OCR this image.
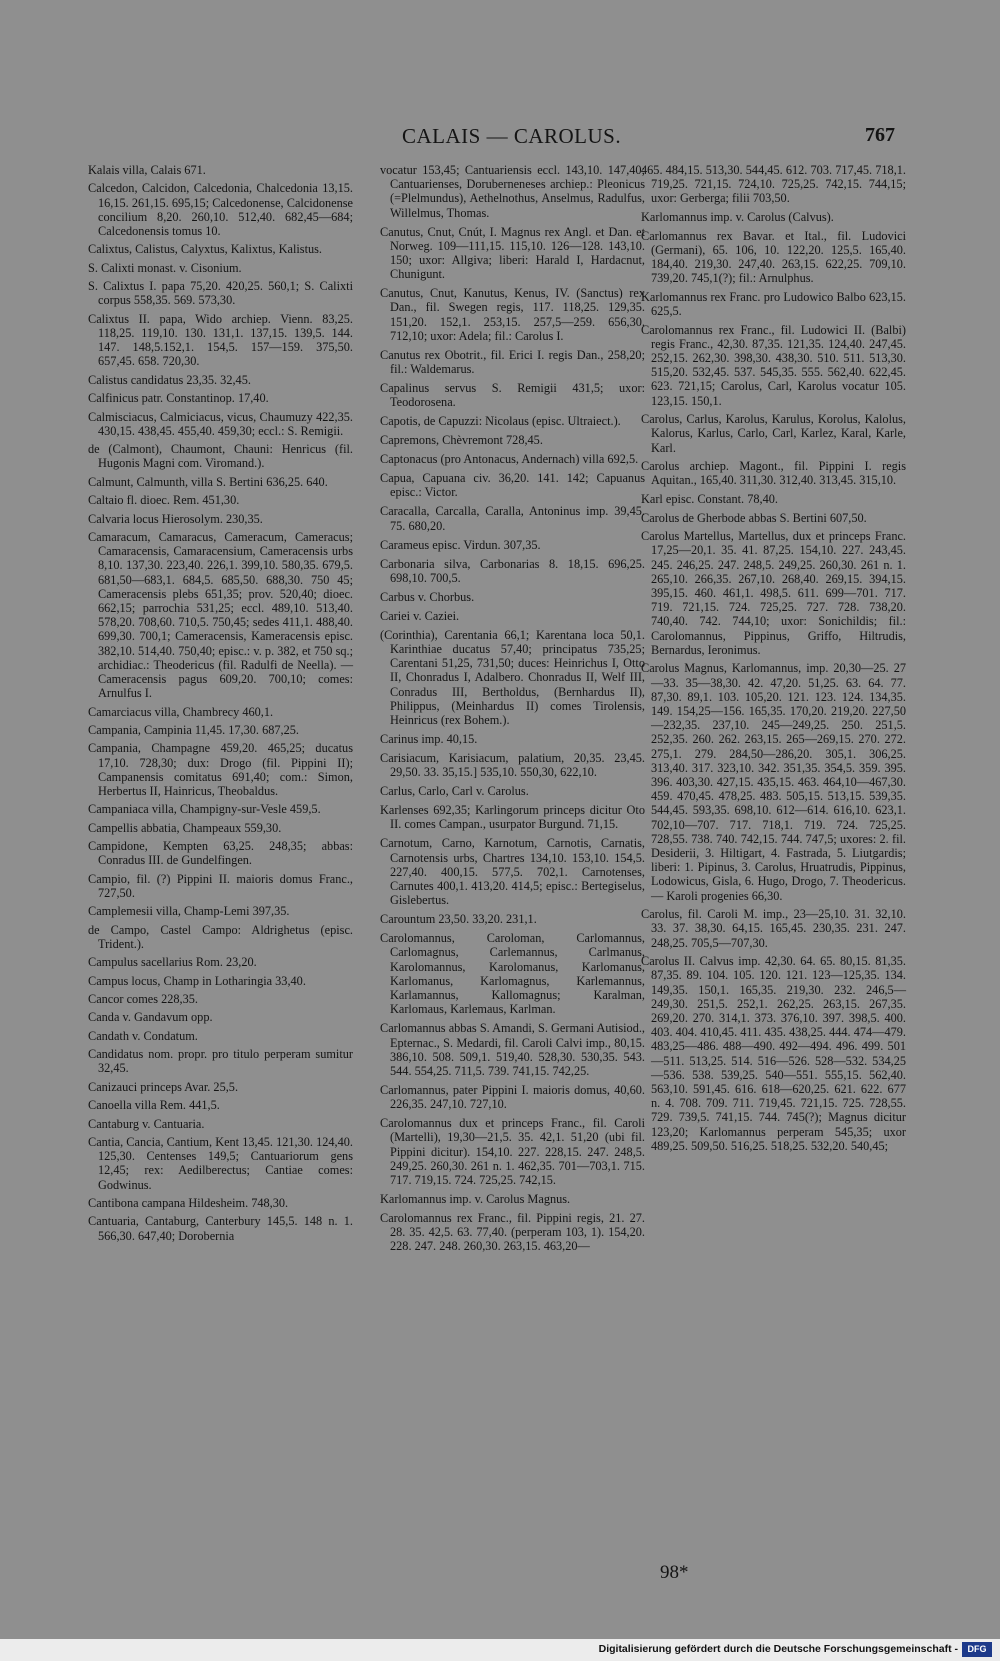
CALAIS — CAROLUS.	767

Kalais villa, Calais 671.

Calcedon, Calcidon, Calcedonia, Chalcedonia 13,15. 16,15. 261,15. 695,15; Calcedonense, Calcidonense concilium 8,20. 260,10. 512,40. 682,45—684; Calcedonensis tomus 10.

Calixtus, Calistus, Calyxtus, Kalixtus, Kalistus.

S. Calixti monast. v. Cisonium.

S. Calixtus I. papa 75,20. 420,25. 560,1; S. Calixti corpus 558,35. 569. 573,30.

Calixtus II. papa, Wido archiep. Vienn. 83,25. 118,25. 119,10. 130. 131,1. 137,15. 139,5. 144. 147. 148,5.152,1. 154,5. 157—159. 375,50. 657,45. 658. 720,30.

Calistus candidatus 23,35. 32,45.

Calfinicus patr. Constantinop. 17,40.

Calmisciacus, Calmiciacus, vicus, Chaumuzy 422,35. 430,15. 438,45. 455,40. 459,30; eccl.: S. Remigii.

de (Calmont), Chaumont, Chauni: Henricus (fil. Hugonis Magni com. Viromand.).

Calmunt, Calmunth, villa S. Bertini 636,25. 640.

Caltaio fl. dioec. Rem. 451,30.

Calvaria locus Hierosolym. 230,35.

Camaracum, Camaracus, Cameracum, Cameracus; Camaracensis, Camaracensium, Cameracensis urbs 8,10. 137,30. 223,40. 226,1. 399,10. 580,35. 679,5. 681,50—683,1. 684,5. 685,50. 688,30. 750 45; Cameracensis plebs 651,35; prov. 520,40; dioec. 662,15; parrochia 531,25; eccl. 489,10. 513,40. 578,20. 708,60. 710,5. 750,45; sedes 411,1. 488,40. 699,30. 700,1; Cameracensis, Kameracensis episc. 382,10. 514,40. 750,40; episc.: v. p. 382, et 750 sq.; archidiac.: Theodericus (fil. Radulfi de Neella). — Cameracensis pagus 609,20. 700,10; comes: Arnulfus I.

Camarciacus villa, Chambrecy 460,1.

Campania, Campinia 11,45. 17,30. 687,25.

Campania, Champagne 459,20. 465,25; ducatus 17,10. 728,30; dux: Drogo (fil. Pippini II); Campanensis comitatus 691,40; com.: Simon, Herbertus II, Hainricus, Theobaldus.

Campaniaca villa, Champigny-sur-Vesle 459,5.

Campellis abbatia, Champeaux 559,30.

Campidone, Kempten 63,25. 248,35; abbas: Conradus III. de Gundelfingen.

Campio, fil. (?) Pippini II. maioris domus Franc., 727,50.

Camplemesii villa, Champ-Lemi 397,35.

de Campo, Castel Campo: Aldrighetus (episc. Trident.).

Campulus sacellarius Rom. 23,20.

Campus locus, Champ in Lotharingia 33,40.

Cancor comes 228,35.

Canda v. Gandavum opp.

Candath v. Condatum.

Candidatus nom. propr. pro titulo perperam sumitur 32,45.

Canizauci princeps Avar. 25,5.

Canoella villa Rem. 441,5.

Cantaburg v. Cantuaria.

Cantia, Cancia, Cantium, Kent 13,45. 121,30. 124,40. 125,30. Centenses 149,5; Cantuariorum gens 12,45; rex: Aedilberectus; Cantiae comes: Godwinus.

Cantibona campana Hildesheim. 748,30.

Cantuaria, Cantaburg, Canterbury 145,5. 148 n. 1. 566,30. 647,40; Dorobernia

vocatur 153,45; Cantuariensis eccl. 143,10. 147,40; Cantuarienses, Doruberneneses archiep.: Pleonicus (=Plelmundus), Aethelnothus, Anselmus, Radulfus, Willelmus, Thomas.

Canutus, Cnut, Cnút, I. Magnus rex Angl. et Dan. et Norweg. 109—111,15. 115,10. 126—128. 143,10. 150; uxor: Allgiva; liberi: Harald I, Hardacnut, Chunigunt.

Canutus, Cnut, Kanutus, Kenus, IV. (Sanctus) rex Dan., fil. Swegen regis, 117. 118,25. 129,35. 151,20. 152,1. 253,15. 257,5—259. 656,30. 712,10; uxor: Adela; fil.: Carolus I.

Canutus rex Obotrit., fil. Erici I. regis Dan., 258,20; fil.: Waldemarus.

Capalinus servus S. Remigii 431,5; uxor: Teodorosena.

Capotis, de Capuzzi: Nicolaus (episc. Ultraiect.).

Capremons, Chèvremont 728,45.

Captonacus (pro Antonacus, Andernach) villa 692,5.

Capua, Capuana civ. 36,20. 141. 142; Capuanus episc.: Victor.

Caracalla, Carcalla, Caralla, Antoninus imp. 39,45. 75. 680,20.

Carameus episc. Virdun. 307,35.

Carbonaria silva, Carbonarias 8. 18,15. 696,25. 698,10. 700,5.

Carbus v. Chorbus.

Cariei v. Caziei.

(Corinthia), Carentania 66,1; Karentana loca 50,1. Karinthiae ducatus 57,40; principatus 735,25; Carentani 51,25, 731,50; duces: Heinrichus I, Otto II, Chonradus I, Adalbero. Chonradus II, Welf III, Conradus III, Bertholdus, (Bernhardus II), Philippus, (Meinhardus II) comes Tirolensis, Heinricus (rex Bohem.).

Carinus imp. 40,15.

Carisiacum, Karisiacum, palatium, 20,35. 23,45. 29,50. 33. 35,15.] 535,10. 550,30, 622,10.

Carlus, Carlo, Carl v. Carolus.

Karlenses 692,35; Karlingorum princeps dicitur Oto II. comes Campan., usurpator Burgund. 71,15.

Carnotum, Carno, Karnotum, Carnotis, Carnatis, Carnotensis urbs, Chartres 134,10. 153,10. 154,5. 227,40. 400,15. 577,5. 702,1. Carnotenses, Carnutes 400,1. 413,20. 414,5; episc.: Bertegiselus, Gislebertus.

Carountum 23,50. 33,20. 231,1.

Carolomannus, Caroloman, Carlomannus, Carlomagnus, Carlemannus, Carlmanus, Karolomannus, Karolomanus, Karlomanus, Karlomanus, Karlomagnus, Karlemannus, Karlamannus, Kallomagnus; Karalman, Karlomaus, Karlemaus, Karlman.

Carlomannus abbas S. Amandi, S. Germani Autisiod., Epternac., S. Medardi, fil. Caroli Calvi imp., 80,15. 386,10. 508. 509,1. 519,40. 528,30. 530,35. 543. 544. 554,25. 711,5. 739. 741,15. 742,25.

Carlomannus, pater Pippini I. maioris domus, 40,60. 226,35. 247,10. 727,10.

Carolomannus dux et princeps Franc., fil. Caroli (Martelli), 19,30—21,5. 35. 42,1. 51,20 (ubi fil. Pippini dicitur). 154,10. 227. 228,15. 247. 248,5. 249,25. 260,30. 261 n. 1. 462,35. 701—703,1. 715. 717. 719,15. 724. 725,25. 742,15.

Karlomannus imp. v. Carolus Magnus.

Carolomannus rex Franc., fil. Pippini regis, 21. 27. 28. 35. 42,5. 63. 77,40. (perperam 103, 1). 154,20. 228. 247. 248. 260,30. 263,15. 463,20—

465. 484,15. 513,30. 544,45. 612. 703. 717,45. 718,1. 719,25. 721,15. 724,10. 725,25. 742,15. 744,15; uxor: Gerberga; filii 703,50.

Karlomannus imp. v. Carolus (Calvus).

Carlomannus rex Bavar. et Ital., fil. Ludovici (Germani), 65. 106, 10. 122,20. 125,5. 165,40. 184,40. 219,30. 247,40. 263,15. 622,25. 709,10. 739,20. 745,1(?); fil.: Arnulphus.

Karlomannus rex Franc. pro Ludowico Balbo 623,15. 625,5.

Carolomannus rex Franc., fil. Ludowici II. (Balbi) regis Franc., 42,30. 87,35. 121,35. 124,40. 247,45. 252,15. 262,30. 398,30. 438,30. 510. 511. 513,30. 515,20. 532,45. 537. 545,35. 555. 562,40. 622,45. 623. 721,15; Carolus, Carl, Karolus vocatur 105. 123,15. 150,1.

Carolus, Carlus, Karolus, Karulus, Korolus, Kalolus, Kalorus, Karlus, Carlo, Carl, Karlez, Karal, Karle, Karl.

Carolus archiep. Magont., fil. Pippini I. regis Aquitan., 165,40. 311,30. 312,40. 313,45. 315,10.

Karl episc. Constant. 78,40.

Carolus de Gherbode abbas S. Bertini 607,50.

Carolus Martellus, Martellus, dux et princeps Franc. 17,25—20,1. 35. 41. 87,25. 154,10. 227. 243,45. 245. 246,25. 247. 248,5. 249,25. 260,30. 261 n. 1. 265,10. 266,35. 267,10. 268,40. 269,15. 394,15. 395,15. 460. 461,1. 498,5. 611. 699—701. 717. 719. 721,15. 724. 725,25. 727. 728. 738,20. 740,40. 742. 744,10; uxor: Sonichildis; fil.: Carolomannus, Pippinus, Griffo, Hiltrudis, Bernardus, Ieronimus.

Carolus Magnus, Karlomannus, imp. 20,30—25. 27—33. 35—38,30. 42. 47,20. 51,25. 63. 64. 77. 87,30. 89,1. 103. 105,20. 121. 123. 124. 134,35. 149. 154,25—156. 165,35. 170,20. 219,20. 227,50—232,35. 237,10. 245—249,25. 250. 251,5. 252,35. 260. 262. 263,15. 265—269,15. 270. 272. 275,1. 279. 284,50—286,20. 305,1. 306,25. 313,40. 317. 323,10. 342. 351,35. 354,5. 359. 395. 396. 403,30. 427,15. 435,15. 463. 464,10—467,30. 459. 470,45. 478,25. 483. 505,15. 513,15. 539,35. 544,45. 593,35. 698,10. 612—614. 616,10. 623,1. 702,10—707. 717. 718,1. 719. 724. 725,25. 728,55. 738. 740. 742,15. 744. 747,5; uxores: 2. fil. Desiderii, 3. Hiltigart, 4. Fastrada, 5. Liutgardis; liberi: 1. Pipinus, 3. Carolus, Hruatrudis, Pippinus, Lodowicus, Gisla, 6. Hugo, Drogo, 7. Theodericus. — Karoli progenies 66,30.

Carolus, fil. Caroli M. imp., 23—25,10. 31. 32,10. 33. 37. 38,30. 64,15. 165,45. 230,35. 231. 247. 248,25. 705,5—707,30.

Carolus II. Calvus imp. 42,30. 64. 65. 80,15. 81,35. 87,35. 89. 104. 105. 120. 121. 123—125,35. 134. 149,35. 150,1. 165,35. 219,30. 232. 246,5—249,30. 251,5. 252,1. 262,25. 263,15. 267,35. 269,20. 270. 314,1. 373. 376,10. 397. 398,5. 400. 403. 404. 410,45. 411. 435. 438,25. 444. 474—479. 483,25—486. 488—490. 492—494. 496. 499. 501—511. 513,25. 514. 516—526. 528—532. 534,25—536. 538. 539,25. 540—551. 555,15. 562,40. 563,10. 591,45. 616. 618—620,25. 621. 622. 677 n. 4. 708. 709. 711. 719,45. 721,15. 725. 728,55. 729. 739,5. 741,15. 744. 745(?); Magnus dicitur 123,20; Karlomannus perperam 545,35; uxor 489,25. 509,50. 516,25. 518,25. 532,20. 540,45;

98*
Digitalisierung gefördert durch die Deutsche Forschungsgemeinschaft -	DFG
